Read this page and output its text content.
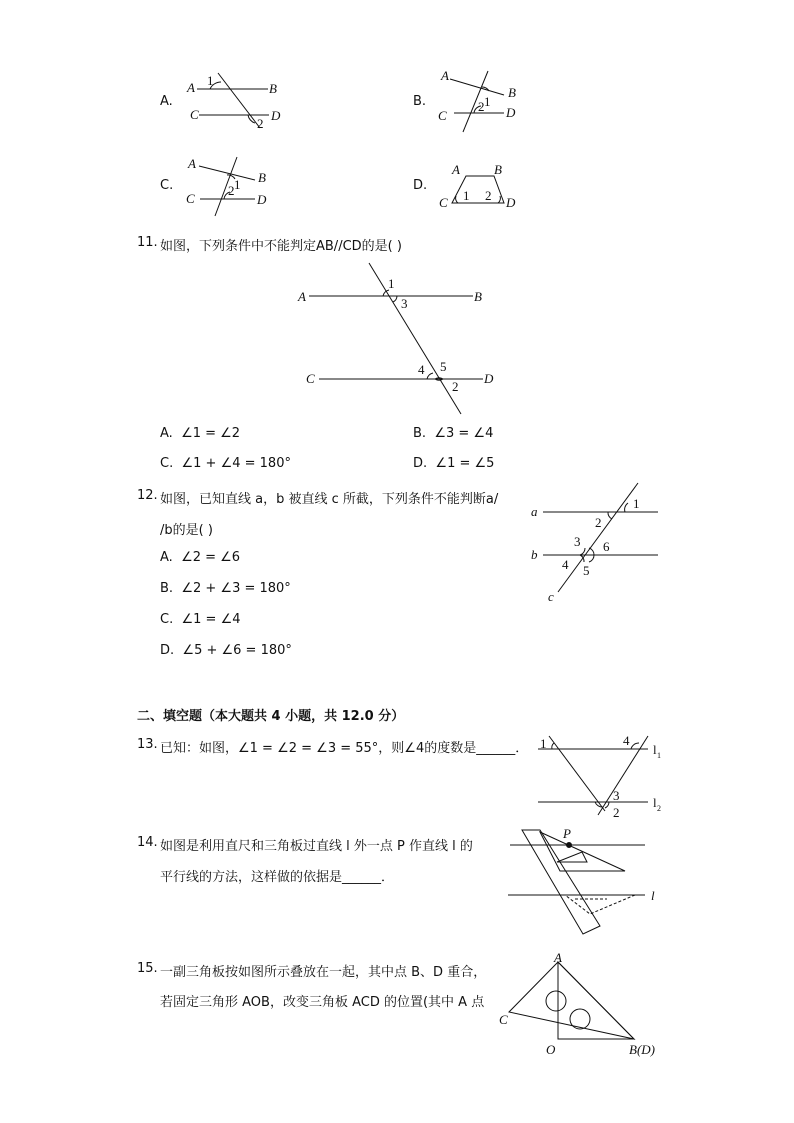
A.
A 1
B
C
2
D
B.
A
1
B
2
C	D
C.
A
1 B
2
C	D
D.
A	B
C 1 2 D
11. 如图，下列条件中不能判定AB//CD的是( )
A
1
3	B
C
4 5
2
D
A. ∠1 = ∠2	B. ∠3 = ∠4
C. ∠1 + ∠4 = 180°	D. ∠1 = ∠5
12. 如图，已知直线 a，b 被直线 c 所截，下列条件不能判断a/
/b的是( )
A. ∠2 = ∠6
B. ∠2 + ∠3 = 180°
C. ∠1 = ∠4
D. ∠5 + ∠6 = 180°
a
1
2
b
3 6
4 5
c
二、填空题（本大题共 4 小题，共 12.0 分）
13. 已知：如图，∠1 = ∠2 = ∠3 = 55°，则∠4的度数是______． 1	4
l 1
3
2
l 2
14. 如图是利用直尺和三角板过直线 l 外一点 P 作直线 l 的
平行线的方法，这样做的依据是______．
P
l
15. 一副三角板按如图所示叠放在一起，其中点 B、D 重合，
若固定三角形 AOB，改变三角板 ACD 的位置(其中 A 点
A
C
O	B(D)
